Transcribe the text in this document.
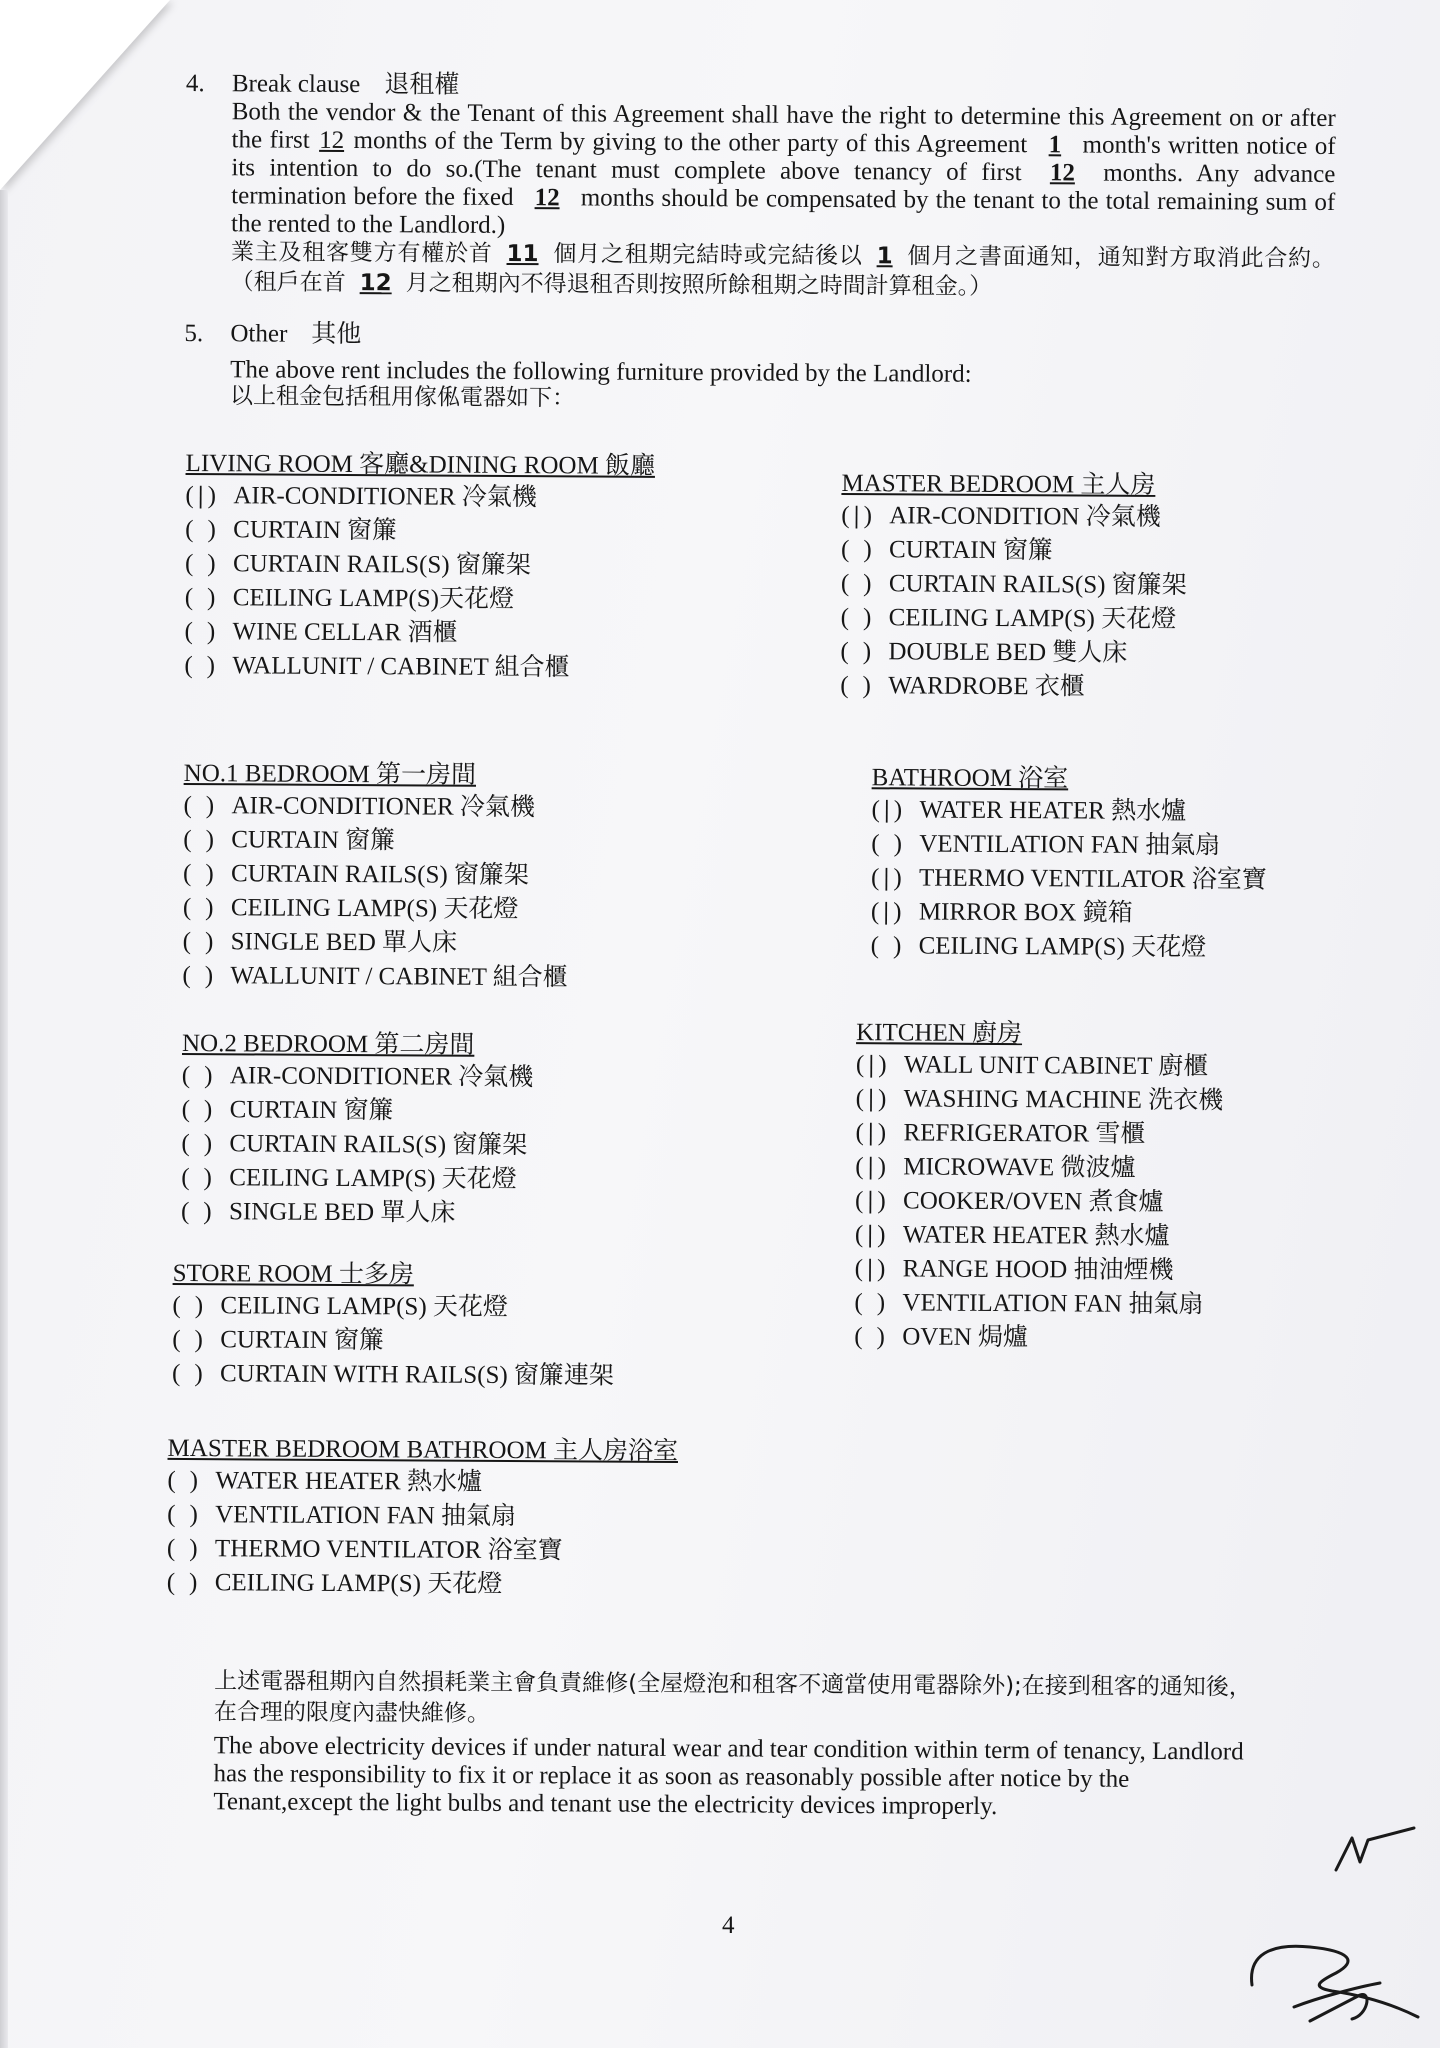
4. Break clause 退租權
Both the vendor & the Tenant of this Agreement shall have the right to determine this Agreement on or after the first 12 months of the Term by giving to the other party of this Agreement 1 month's written notice of its intention to do so.(The tenant must complete above tenancy of first 12 months. Any advance termination before the fixed 12 months should be compensated by the tenant to the total remaining sum of the rented to the Landlord.)
業主及租客雙方有權於首 11 個月之租期完結時或完結後以 1 個月之書面通知，通知對方取消此合約。（租戶在首 12 月之租期內不得退租否則按照所餘租期之時間計算租金。）
5. Other 其他
The above rent includes the following furniture provided by the Landlord:
以上租金包括租用傢俬電器如下：
LIVING ROOM 客廳&DINING ROOM 飯廳
( | ) AIR-CONDITIONER 冷氣機
( ) CURTAIN 窗簾
( ) CURTAIN RAILS(S) 窗簾架
( ) CEILING LAMP(S)天花燈
( ) WINE CELLAR 酒櫃
( ) WALLUNIT / CABINET 組合櫃
NO.1 BEDROOM 第一房間
( ) AIR-CONDITIONER 冷氣機
( ) CURTAIN 窗簾
( ) CURTAIN RAILS(S) 窗簾架
( ) CEILING LAMP(S) 天花燈
( ) SINGLE BED 單人床
( ) WALLUNIT / CABINET 組合櫃
NO.2 BEDROOM 第二房間
( ) AIR-CONDITIONER 冷氣機
( ) CURTAIN 窗簾
( ) CURTAIN RAILS(S) 窗簾架
( ) CEILING LAMP(S) 天花燈
( ) SINGLE BED 單人床
STORE ROOM 士多房
( ) CEILING LAMP(S) 天花燈
( ) CURTAIN 窗簾
( ) CURTAIN WITH RAILS(S) 窗簾連架
MASTER BEDROOM BATHROOM 主人房浴室
( ) WATER HEATER 熱水爐
( ) VENTILATION FAN 抽氣扇
( ) THERMO VENTILATOR 浴室寶
( ) CEILING LAMP(S) 天花燈
MASTER BEDROOM 主人房
( | ) AIR-CONDITION 冷氣機
( ) CURTAIN 窗簾
( ) CURTAIN RAILS(S) 窗簾架
( ) CEILING LAMP(S) 天花燈
( ) DOUBLE BED 雙人床
( ) WARDROBE 衣櫃
BATHROOM 浴室
( | ) WATER HEATER 熱水爐
( ) VENTILATION FAN 抽氣扇
( | ) THERMO VENTILATOR 浴室寶
( | ) MIRROR BOX 鏡箱
( ) CEILING LAMP(S) 天花燈
KITCHEN 廚房
( | ) WALL UNIT CABINET 廚櫃
( | ) WASHING MACHINE 洗衣機
( | ) REFRIGERATOR 雪櫃
( | ) MICROWAVE 微波爐
( | ) COOKER/OVEN 煮食爐
( | ) WATER HEATER 熱水爐
( | ) RANGE HOOD 抽油煙機
( ) VENTILATION FAN 抽氣扇
( ) OVEN 焗爐

上述電器租期內自然損耗業主會負責維修(全屋燈泡和租客不適當使用電器除外);在接到租客的通知後，在合理的限度內盡快維修。

The above electricity devices if under natural wear and tear condition within term of tenancy, Landlord has the responsibility to fix it or replace it as soon as reasonably possible after notice by the Tenant,except the light bulbs and tenant use the electricity devices improperly.

4
